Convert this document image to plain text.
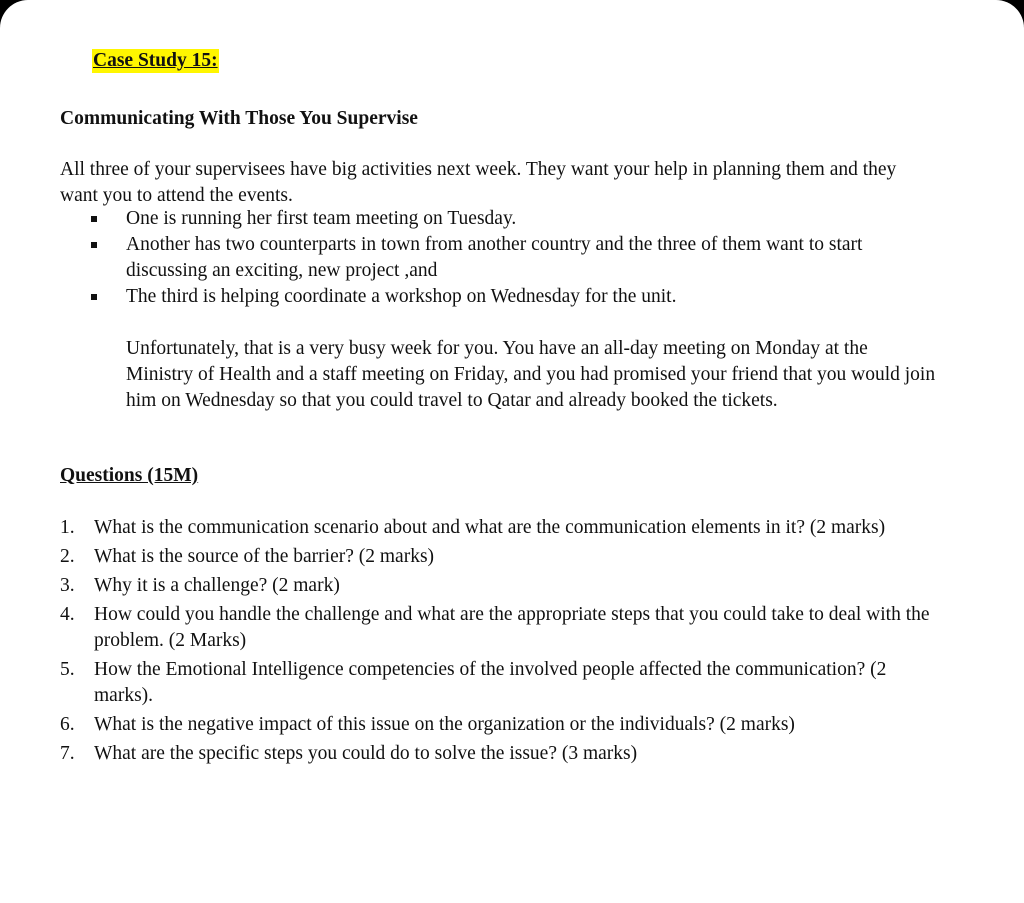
Case Study 15:
Communicating With Those You Supervise
All three of your supervisees have big activities next week. They want your help in planning them and they want you to attend the events.
One is running her first team meeting on Tuesday.
Another has two counterparts in town from another country and the three of them want to start discussing an exciting, new project ,and
The third is helping coordinate a workshop on Wednesday for the unit.
Unfortunately, that is a very busy week for you. You have an all-day meeting on Monday at the Ministry of Health and a staff meeting on Friday, and you had promised your friend that you would join him on Wednesday so that you could travel to Qatar and already booked the tickets.
Questions (15M)
1. What is the communication scenario about and what are the communication elements in it? (2 marks)
2. What is the source of the barrier? (2 marks)
3. Why it is a challenge? (2 mark)
4. How could you handle the challenge and what are the appropriate steps that you could take to deal with the problem. (2 Marks)
5. How the Emotional Intelligence competencies of the involved people affected the communication? (2 marks).
6. What is the negative impact of this issue on the organization or the individuals? (2 marks)
7. What are the specific steps you could do to solve the issue? (3 marks)
